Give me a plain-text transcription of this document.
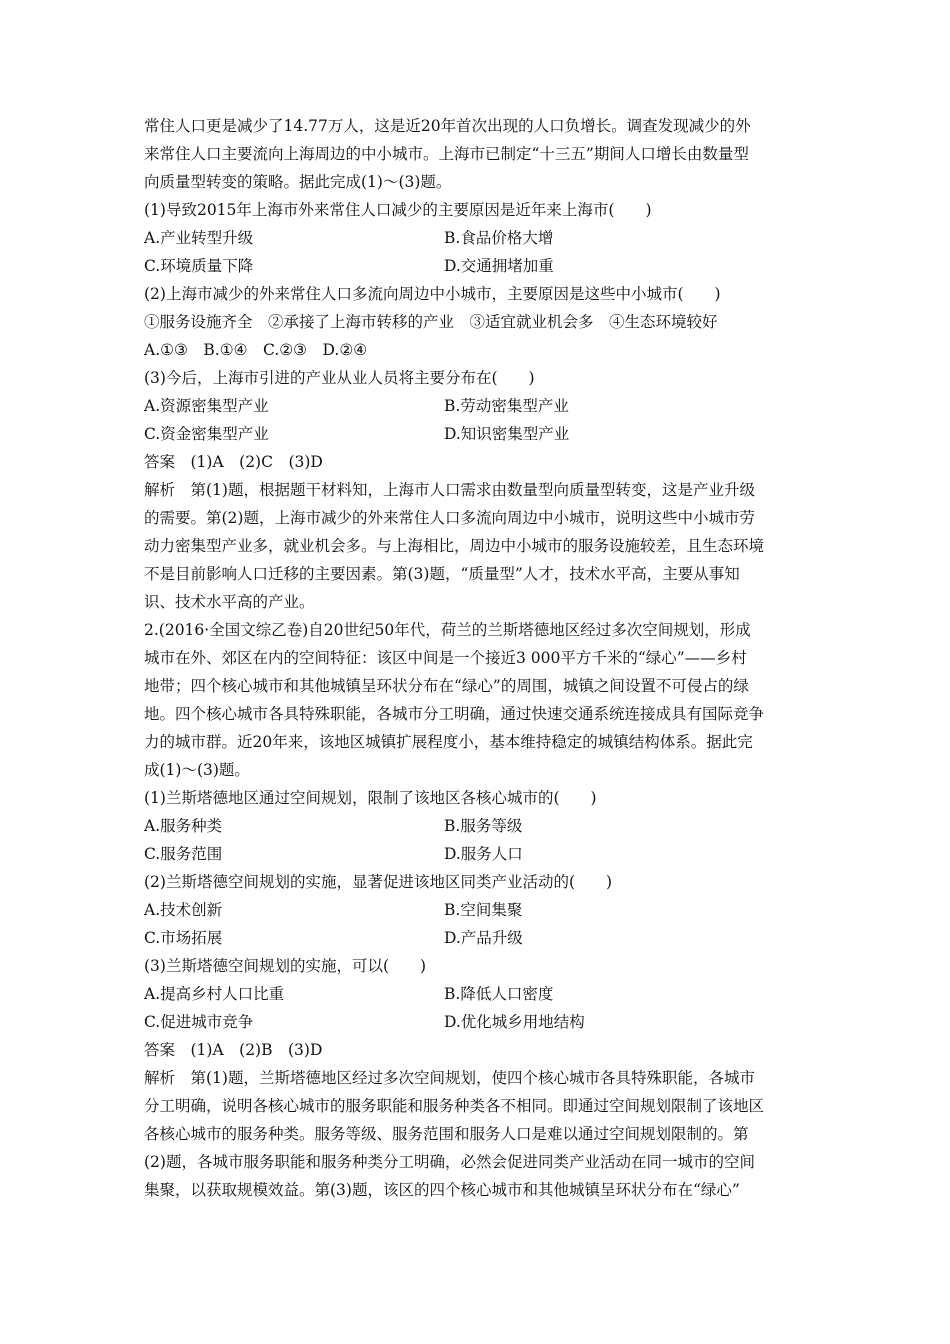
常住人口更是减少了14.77万人，这是近20年首次出现的人口负增长。调查发现减少的外

来常住人口主要流向上海周边的中小城市。上海市已制定“十三五”期间人口增长由数量型

向质量型转变的策略。据此完成(1)～(3)题。

(1)导致2015年上海市外来常住人口减少的主要原因是近年来上海市(　　)

A.产业转型升级	B.食品价格大增
C.环境质量下降	D.交通拥堵加重

(2)上海市减少的外来常住人口多流向周边中小城市，主要原因是这些中小城市(　　)

①服务设施齐全　②承接了上海市转移的产业　③适宜就业机会多　④生态环境较好

A.①③　B.①④　C.②③　D.②④

(3)今后，上海市引进的产业从业人员将主要分布在(　　)

A.资源密集型产业	B.劳动密集型产业
C.资金密集型产业	D.知识密集型产业

答案　(1)A　(2)C　(3)D

解析　第(1)题，根据题干材料知，上海市人口需求由数量型向质量型转变，这是产业升级

的需要。第(2)题，上海市减少的外来常住人口多流向周边中小城市，说明这些中小城市劳

动力密集型产业多，就业机会多。与上海相比，周边中小城市的服务设施较差，且生态环境

不是目前影响人口迁移的主要因素。第(3)题，“质量型”人才，技术水平高，主要从事知

识、技术水平高的产业。

2.(2016·全国文综乙卷)自20世纪50年代，荷兰的兰斯塔德地区经过多次空间规划，形成

城市在外、郊区在内的空间特征：该区中间是一个接近3 000平方千米的“绿心”——乡村

地带；四个核心城市和其他城镇呈环状分布在“绿心”的周围，城镇之间设置不可侵占的绿

地。四个核心城市各具特殊职能，各城市分工明确，通过快速交通系统连接成具有国际竞争

力的城市群。近20年来，该地区城镇扩展程度小，基本维持稳定的城镇结构体系。据此完

成(1)～(3)题。

(1)兰斯塔德地区通过空间规划，限制了该地区各核心城市的(　　)

A.服务种类	B.服务等级
C.服务范围	D.服务人口

(2)兰斯塔德空间规划的实施，显著促进该地区同类产业活动的(　　)

A.技术创新	B.空间集聚
C.市场拓展	D.产品升级

(3)兰斯塔德空间规划的实施，可以(　　)

A.提高乡村人口比重	B.降低人口密度
C.促进城市竞争	D.优化城乡用地结构

答案　(1)A　(2)B　(3)D

解析　第(1)题，兰斯塔德地区经过多次空间规划，使四个核心城市各具特殊职能，各城市

分工明确，说明各核心城市的服务职能和服务种类各不相同。即通过空间规划限制了该地区

各核心城市的服务种类。服务等级、服务范围和服务人口是难以通过空间规划限制的。第

(2)题，各城市服务职能和服务种类分工明确，必然会促进同类产业活动在同一城市的空间

集聚，以获取规模效益。第(3)题，该区的四个核心城市和其他城镇呈环状分布在“绿心”
